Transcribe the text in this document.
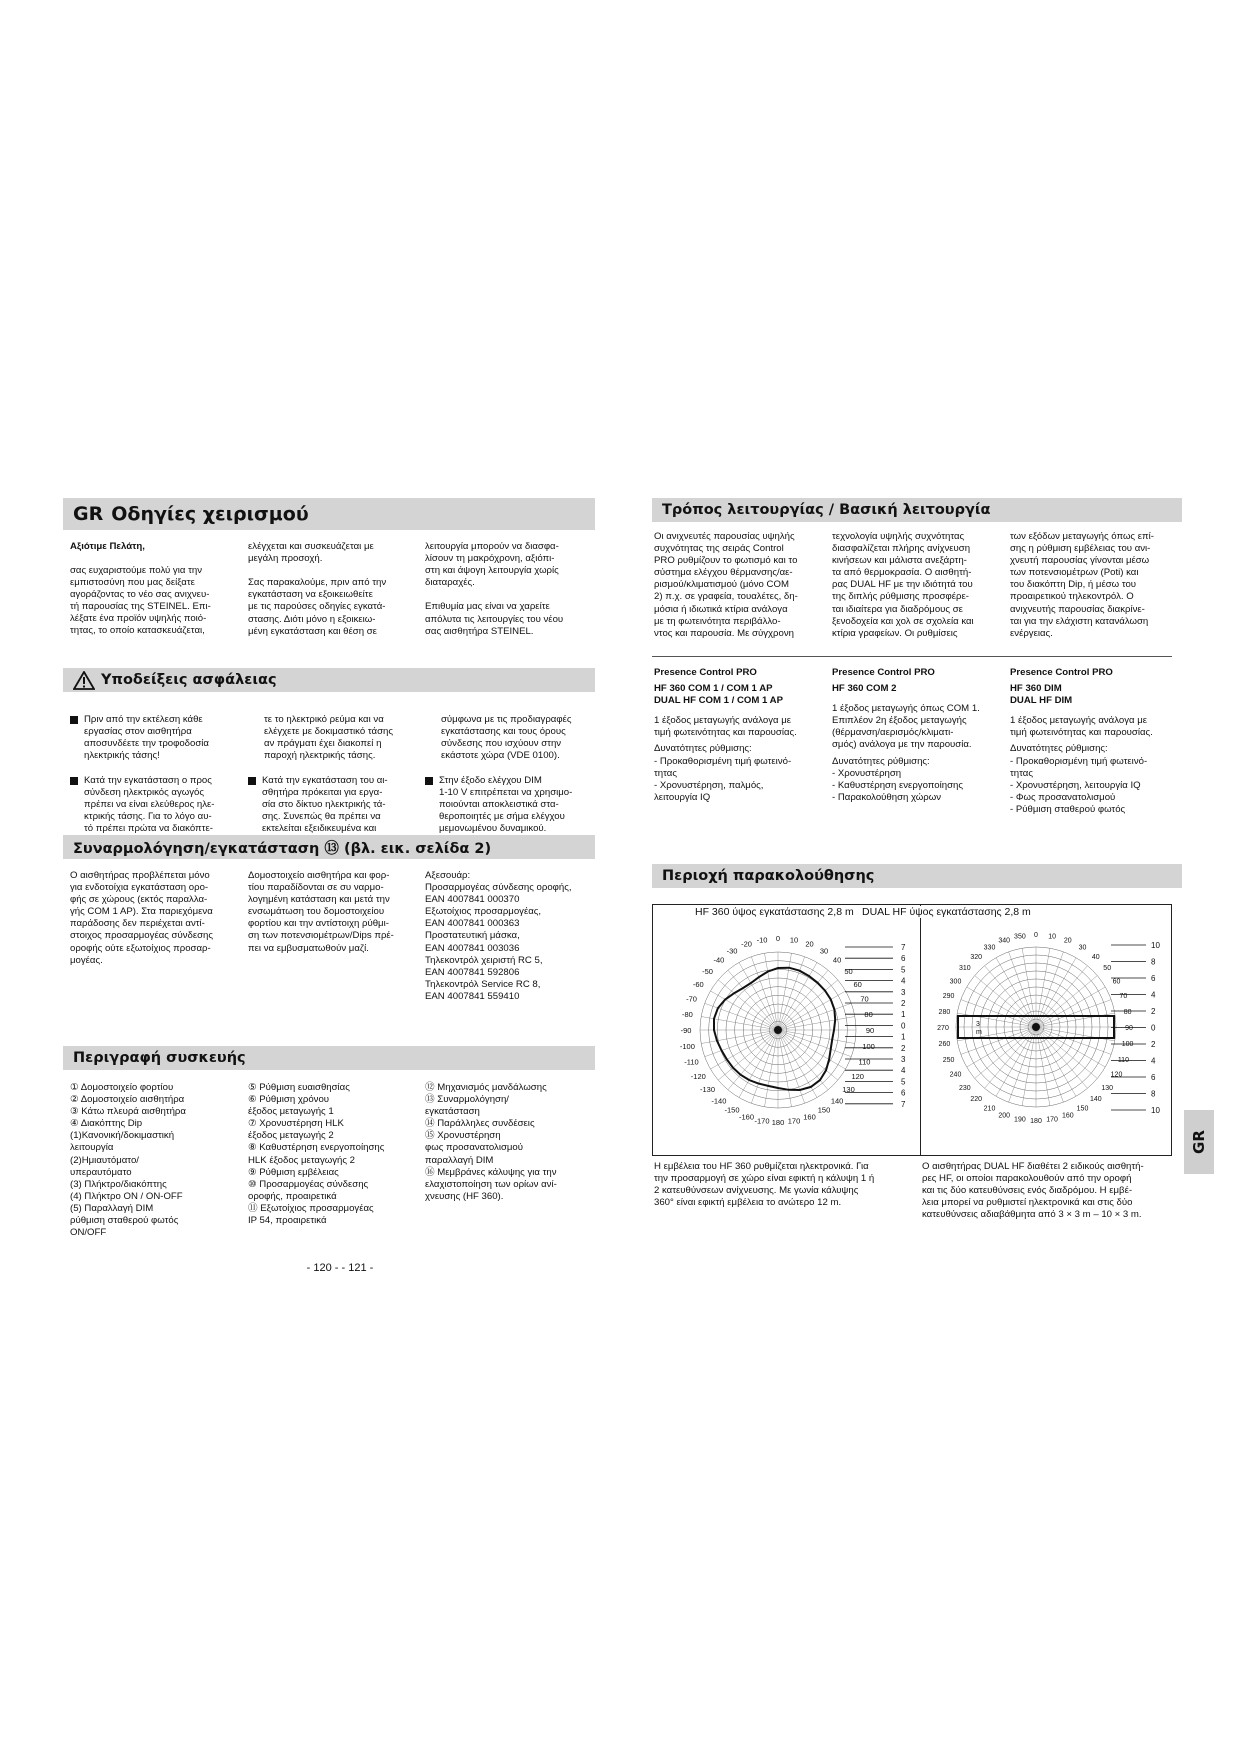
GR Οδηγίες χειρισμού
Αξιότιμε Πελάτη,
σας ευχαριστούμε πολύ για την
εμπιστοσύνη που μας δείξατε
αγοράζοντας το νέο σας ανιχνευ-
τή παρουσίας της STEINEL. Επι-
λέξατε ένα προϊόν υψηλής ποιό-
τητας, το οποίο κατασκευάζεται,
ελέγχεται και συσκευάζεται με
μεγάλη προσοχή.

Σας παρακαλούμε, πριν από την
εγκατάσταση να εξοικειωθείτε
με τις παρούσες οδηγίες εγκατά-
στασης. Διότι μόνο η εξοικειω-
μένη εγκατάσταση και θέση σε
λειτουργία μπορούν να διασφα-
λίσουν τη μακρόχρονη, αξιόπι-
στη και άψογη λειτουργία χωρίς
διαταραχές.

Επιθυμία μας είναι να χαρείτε
απόλυτα τις λειτουργίες του νέου
σας αισθητήρα STEINEL.
Υποδείξεις ασφάλειας

Πριν από την εκτέλεση κάθε
εργασίας στον αισθητήρα
αποσυνδέετε την τροφοδοσία
ηλεκτρικής τάσης!

Κατά την εγκατάσταση ο προς
σύνδεση ηλεκτρικός αγωγός
πρέπει να είναι ελεύθερος ηλε-
κτρικής τάσης. Για το λόγο αυ-
τό πρέπει πρώτα να διακόπτε-

τε το ηλεκτρικό ρεύμα και να
ελέγχετε με δοκιμαστικό τάσης
αν πράγματι έχει διακοπεί η
παροχή ηλεκτρικής τάσης.

Κατά την εγκατάσταση του αι-
σθητήρα πρόκειται για εργα-
σία στο δίκτυο ηλεκτρικής τά-
σης. Συνεπώς θα πρέπει να
εκτελείται εξειδικευμένα και

σύμφωνα με τις προδιαγραφές
εγκατάστασης και τους όρους
σύνδεσης που ισχύουν στην
εκάστοτε χώρα (VDE 0100).

Στην έξοδο ελέγχου DIM
1-10 V επιτρέπεται να χρησιμο-
ποιούνται αποκλειστικά στα-
θεροποιητές με σήμα ελέγχου
μεμονωμένου δυναμικού.

Συναρμολόγηση/εγκατάσταση ⑬ (βλ. εικ. σελίδα 2)
Ο αισθητήρας προβλέπεται μόνο
για ενδοτοίχια εγκατάσταση ορο-
φής σε χώρους (εκτός παραλλα-
γής COM 1 AP). Στα παριεχόμενα
παράδοσης δεν περιέχεται αντί-
στοιχος προσαρμογέας σύνδεσης
οροφής ούτε εξωτοίχιος προσαρ-
μογέας.
Δομοστοιχείο αισθητήρα και φορ-
τίου παραδίδονται σε συ ναρμο-
λογημένη κατάσταση και μετά την
ενσωμάτωση του δομοστοιχείου
φορτίου και την αντίστοιχη ρύθμι-
ση των ποτενσιομέτρων/Dips πρέ-
πει να εμβυσματωθούν μαζί.
Αξεσουάρ:
Προσαρμογέας σύνδεσης οροφής,
EAN 4007841 000370
Εξωτοίχιος προσαρμογέας,
EAN 4007841 000363
Προστατευτική μάσκα,
EAN 4007841 003036
Τηλεκοντρόλ χειριστή RC 5,
EAN 4007841 592806
Τηλεκοντρόλ Service RC 8,
EAN 4007841 559410
Περιγραφή συσκευής
① Δομοστοιχείο φορτίου
② Δομοστοιχείο αισθητήρα
③ Κάτω πλευρά αισθητήρα
④ Διακόπτης Dip
(1)Κανονική/δοκιμαστική
λειτουργία
(2)Ημιαυτόματο/
υπεραυτόματο
(3) Πλήκτρο/διακόπτης
(4) Πλήκτρο ON / ON-OFF
(5) Παραλλαγή DIM
ρύθμιση σταθερού φωτός
ON/OFF
⑤ Ρύθμιση ευαισθησίας
⑥ Ρύθμιση χρόνου
έξοδος μεταγωγής 1
⑦ Χρονυστέρηση HLK
έξοδος μεταγωγής 2
⑧ Καθυστέρηση ενεργοποίησης
HLK έξοδος μεταγωγής 2
⑨ Ρύθμιση εμβέλειας
⑩ Προσαρμογέας σύνδεσης
οροφής, προαιρετικά
⑪ Εξωτοίχιος προσαρμογέας
IP 54, προαιρετικά
⑫ Μηχανισμός μανδάλωσης
⑬ Συναρμολόγηση/
εγκατάσταση
⑭ Παράλληλες συνδέσεις
⑮ Χρονυστέρηση
φως προσανατολισμού
παραλλαγή DIM
⑯ Μεμβράνες κάλυψης για την
ελαχιστοποίηση των ορίων ανί-
χνευσης (HF 360).
- 120 - - 121 -
Τρόπος λειτουργίας / Βασική λειτουργία
Οι ανιχνευτές παρουσίας υψηλής
συχνότητας της σειράς Control
PRO ρυθμίζουν το φωτισμό και το
σύστημα ελέγχου θέρμανσης/αε-
ρισμού/κλιματισμού (μόνο COM
2) π.χ. σε γραφεία, τουαλέτες, δη-
μόσια ή ιδιωτικά κτίρια ανάλογα
με τη φωτεινότητα περιβάλλο-
ντος και παρουσία. Με σύγχρονη
τεχνολογία υψηλής συχνότητας
διασφαλίζεται πλήρης ανίχνευση
κινήσεων και μάλιστα ανεξάρτη-
τα από θερμοκρασία. Ο αισθητή-
ρας DUAL HF με την ιδιότητά του
της διπλής ρύθμισης προσφέρε-
ται ιδιαίτερα για διαδρόμους σε
ξενοδοχεία και χολ σε σχολεία και
κτίρια γραφείων. Οι ρυθμίσεις
των εξόδων μεταγωγής όπως επί-
σης η ρύθμιση εμβέλειας του ανι-
χνευτή παρουσίας γίνονται μέσω
των ποτενσιομέτρων (Poti) και
του διακόπτη Dip, ή μέσω του
προαιρετικού τηλεκοντρόλ. Ο
ανιχνευτής παρουσίας διακρίνε-
ται για την ελάχιστη κατανάλωση
ενέργειας.
Presence Control PRO
HF 360 COM 1 / COM 1 AP
DUAL HF COM 1 / COM 1 AP
1 έξοδος μεταγωγής ανάλογα με
τιμή φωτεινότητας και παρουσίας.
Δυνατότητες ρύθμισης:
- Προκαθορισμένη τιμή φωτεινό-
τητας
- Χρονυστέρηση, παλμός,
λειτουργία IQ
Presence Control PRO
HF 360 COM 2
1 έξοδος μεταγωγής όπως COM 1.
Επιπλέον 2η έξοδος μεταγωγής
(θέρμανση/αερισμός/κλιματι-
σμός) ανάλογα με την παρουσία.
Δυνατότητες ρύθμισης:
- Χρονυστέρηση
- Καθυστέρηση ενεργοποίησης
- Παρακολούθηση χώρων
Presence Control PRO
HF 360 DIM
DUAL HF DIM
1 έξοδος μεταγωγής ανάλογα με
τιμή φωτεινότητας και παρουσίας.
Δυνατότητες ρύθμισης:
- Προκαθορισμένη τιμή φωτεινό-
τητας
- Χρονυστέρηση, λειτουργία IQ
- Φως προσανατολισμού
- Ρύθμιση σταθερού φωτός
Περιοχή παρακολούθησης
0 10 20
30
40
50
60
70
80
90
100
110
120
130
140
150
160
170
180
-170
-160
-150
-140
-130
-120
-110
-100
-90
-80
-70
-60
-50
-40
-30
-20 -10
7
6
5
4
3
2
1
0
1
2
3
4
5
6
7
0 10
20
30
40
50
60
70
80
90
100
110
120
130
140
150
160
170
180
190
200
210
220
230
240
250
260
270
280
290
300
310
320
330
340
350
3
m
10
8
6
4
2
0
2
4
6
8
10
HF 360 ύψος εγκατάστασης 2,8 m DUAL HF ύψος εγκατάστασης 2,8 m
Η εμβέλεια του HF 360 ρυθμίζεται ηλεκτρονικά. Για
την προσαρμογή σε χώρο είναι εφικτή η κάλυψη 1 ή
2 κατευθύνσεων ανίχνευσης. Με γωνία κάλυψης
360° είναι εφικτή εμβέλεια το ανώτερο 12 m.
Ο αισθητήρας DUAL HF διαθέτει 2 ειδικούς αισθητή-
ρες HF, οι οποίοι παρακολουθούν από την οροφή
και τις δύο κατευθύνσεις ενός διαδρόμου. Η εμβέ-
λεια μπορεί να ρυθμιστεί ηλεκτρονικά και στις δύο
κατευθύνσεις αδιαβάθμητα από 3 × 3 m – 10 × 3 m.
GR
